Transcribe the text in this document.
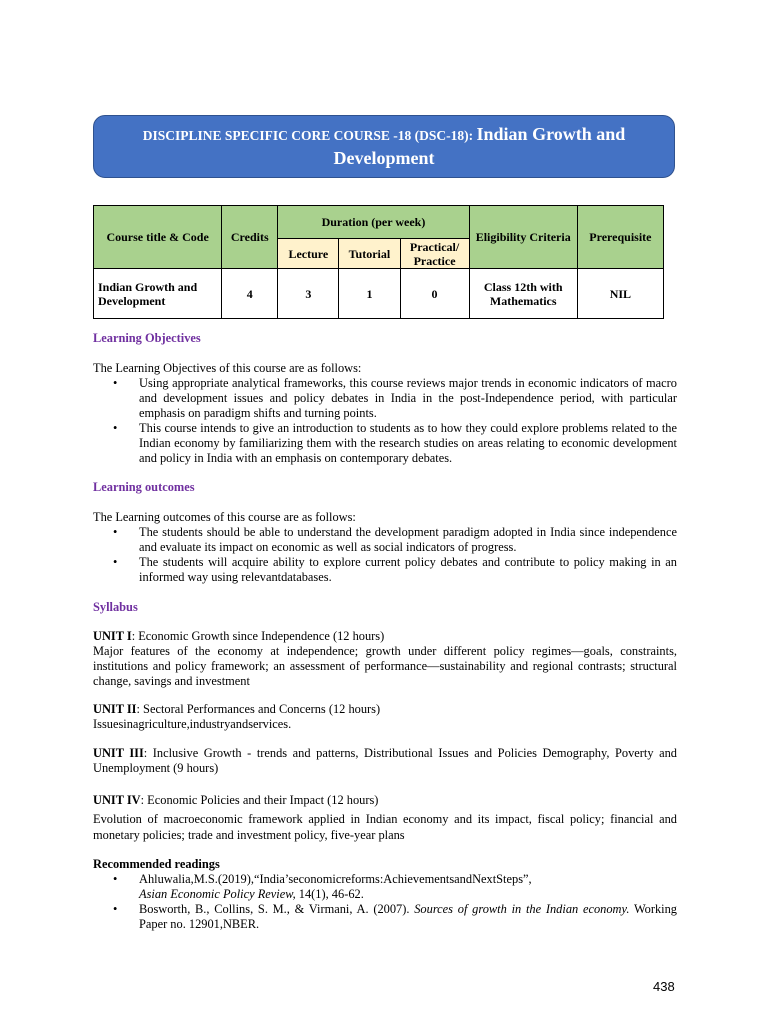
DISCIPLINE SPECIFIC CORE COURSE -18 (DSC-18): Indian Growth and Development
Course title & Code	Credits	Duration (per week)			Eligibility Criteria	Prerequisite
		Lecture	Tutorial	Practical/ Practice		
Indian Growth and Development	4	3	1	0	Class 12th with Mathematics	NIL
Learning Objectives
The Learning Objectives of this course are as follows:
• Using appropriate analytical frameworks, this course reviews major trends in economic indicators of macro and development issues and policy debates in India in the post-Independence period, with particular emphasis on paradigm shifts and turning points.
• This course intends to give an introduction to students as to how they could explore problems related to the Indian economy by familiarizing them with the research studies on areas relating to economic development and policy in India with an emphasis on contemporary debates.
Learning outcomes
The Learning outcomes of this course are as follows:
• The students should be able to understand the development paradigm adopted in India since independence and evaluate its impact on economic as well as social indicators of progress.
• The students will acquire ability to explore current policy debates and contribute to policy making in an informed way using relevantdatabases.
Syllabus
UNIT I: Economic Growth since Independence (12 hours)
Major features of the economy at independence; growth under different policy regimes—goals, constraints, institutions and policy framework; an assessment of performance—sustainability and regional contrasts; structural change, savings and investment
UNIT II: Sectoral Performances and Concerns (12 hours)
Issuesinagriculture,industryandservices.
UNIT III: Inclusive Growth - trends and patterns, Distributional Issues and Policies Demography, Poverty and Unemployment (9 hours)
UNIT IV: Economic Policies and their Impact (12 hours)
Evolution of macroeconomic framework applied in Indian economy and its impact, fiscal policy; financial and monetary policies; trade and investment policy, five-year plans
Recommended readings
• Ahluwalia,M.S.(2019),“India’seconomicreforms:AchievementsandNextSteps”,
Asian Economic Policy Review, 14(1), 46-62.
• Bosworth, B., Collins, S. M., & Virmani, A. (2007). Sources of growth in the Indian economy. Working Paper no. 12901,NBER.
438
